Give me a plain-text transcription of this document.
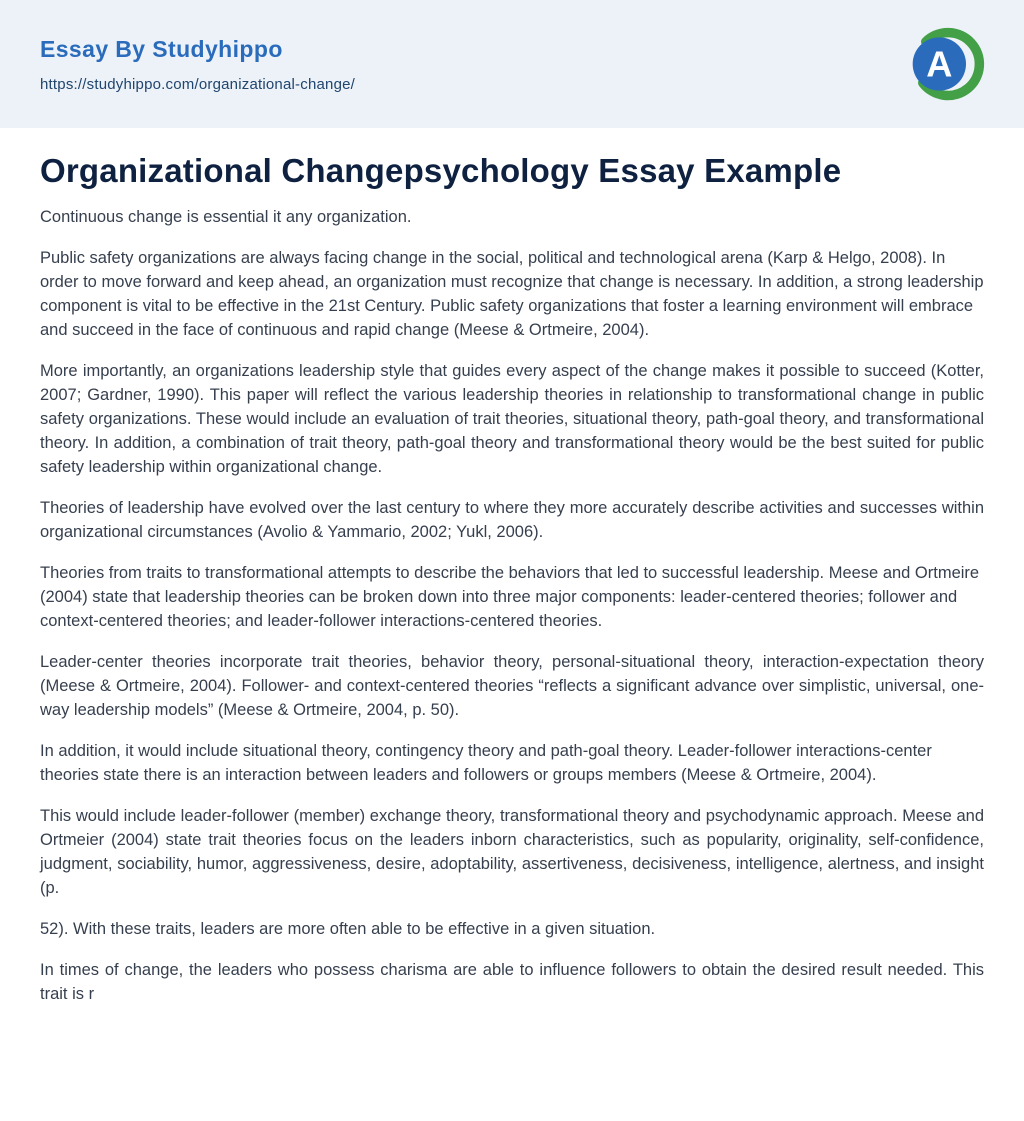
Essay By Studyhippo
https://studyhippo.com/organizational-change/	A
Organizational Changepsychology Essay Example

Continuous change is essential it any organization.

Public safety organizations are always facing change in the social, political and technological arena (Karp & Helgo, 2008). In order to move forward and keep ahead, an organization must recognize that change is necessary. In addition, a strong leadership component is vital to be effective in the 21st Century. Public safety organizations that foster a learning environment will embrace and succeed in the face of continuous and rapid change (Meese & Ortmeire, 2004).

More importantly, an organizations leadership style that guides every aspect of the change makes it possible to succeed (Kotter, 2007; Gardner, 1990). This paper will reflect the various leadership theories in relationship to transformational change in public safety organizations. These would include an evaluation of trait theories, situational theory, path-goal theory, and transformational theory. In addition, a combination of trait theory, path-goal theory and transformational theory would be the best suited for public safety leadership within organizational change.

Theories of leadership have evolved over the last century to where they more accurately describe activities and successes within organizational circumstances (Avolio & Yammario, 2002; Yukl, 2006).

Theories from traits to transformational attempts to describe the behaviors that led to successful leadership. Meese and Ortmeire (2004) state that leadership theories can be broken down into three major components: leader-centered theories; follower and context-centered theories; and leader-follower interactions-centered theories.

Leader-center theories incorporate trait theories, behavior theory, personal-situational theory, interaction-expectation theory (Meese & Ortmeire, 2004). Follower- and context-centered theories “reflects a significant advance over simplistic, universal, one-way leadership models” (Meese & Ortmeire, 2004, p. 50).

In addition, it would include situational theory, contingency theory and path-goal theory. Leader-follower interactions-center theories state there is an interaction between leaders and followers or groups members (Meese & Ortmeire, 2004).

This would include leader-follower (member) exchange theory, transformational theory and psychodynamic approach. Meese and Ortmeier (2004) state trait theories focus on the leaders inborn characteristics, such as popularity, originality, self-confidence, judgment, sociability, humor, aggressiveness, desire, adoptability, assertiveness, decisiveness, intelligence, alertness, and insight (p.

52). With these traits, leaders are more often able to be effective in a given situation.

In times of change, the leaders who possess charisma are able to influence followers to obtain the desired result needed. This trait is r
